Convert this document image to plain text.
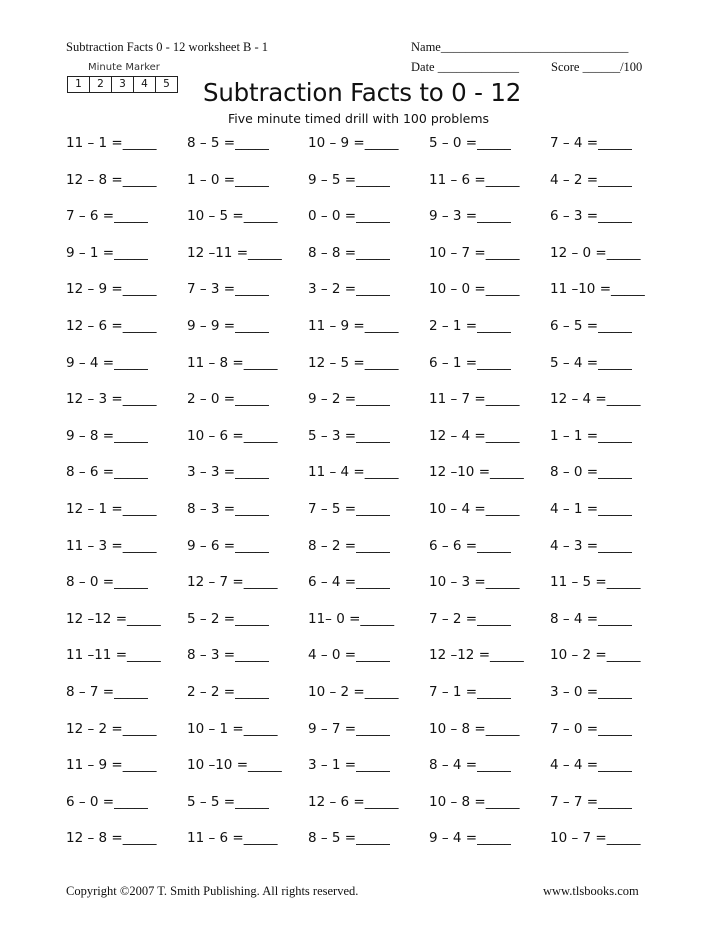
Subtraction Facts 0 - 12 worksheet B - 1	Name______________________________
Date _____________	Score ______/100
Minute Marker
1	2	3	4	5 Subtraction Facts to 0 - 12
Five minute timed drill with 100 problems
11 – 1 =_____ 8 – 5 =_____	10 – 9 =_____ 5 – 0 =_____	7 – 4 =_____
12 – 8 =_____ 1 – 0 =_____	9 – 5 =_____	11 – 6 =_____ 4 – 2 =_____
7 – 6 =_____	10 – 5 =_____ 0 – 0 =_____	9 – 3 =_____	6 – 3 =_____
9 – 1 =_____	12 –11 =_____ 8 – 8 =_____	10 – 7 =_____ 12 – 0 =_____
12 – 9 =_____ 7 – 3 =_____	3 – 2 =_____	10 – 0 =_____ 11 –10 =_____
12 – 6 =_____ 9 – 9 =_____	11 – 9 =_____ 2 – 1 =_____	6 – 5 =_____
9 – 4 =_____	11 – 8 =_____ 12 – 5 =_____ 6 – 1 =_____	5 – 4 =_____
12 – 3 =_____ 2 – 0 =_____	9 – 2 =_____	11 – 7 =_____ 12 – 4 =_____
9 – 8 =_____	10 – 6 =_____ 5 – 3 =_____	12 – 4 =_____ 1 – 1 =_____
8 – 6 =_____	3 – 3 =_____	11 – 4 =_____ 12 –10 =_____ 8 – 0 =_____
12 – 1 =_____ 8 – 3 =_____	7 – 5 =_____	10 – 4 =_____ 4 – 1 =_____
11 – 3 =_____ 9 – 6 =_____	8 – 2 =_____	6 – 6 =_____	4 – 3 =_____
8 – 0 =_____	12 – 7 =_____ 6 – 4 =_____	10 – 3 =_____ 11 – 5 =_____
12 –12 =_____ 5 – 2 =_____	11– 0 =_____	7 – 2 =_____	8 – 4 =_____
11 –11 =_____ 8 – 3 =_____	4 – 0 =_____	12 –12 =_____ 10 – 2 =_____
8 – 7 =_____	2 – 2 =_____	10 – 2 =_____ 7 – 1 =_____	3 – 0 =_____
12 – 2 =_____ 10 – 1 =_____ 9 – 7 =_____	10 – 8 =_____ 7 – 0 =_____
11 – 9 =_____ 10 –10 =_____ 3 – 1 =_____	8 – 4 =_____	4 – 4 =_____
6 – 0 =_____	5 – 5 =_____	12 – 6 =_____ 10 – 8 =_____ 7 – 7 =_____
12 – 8 =_____ 11 – 6 =_____ 8 – 5 =_____	9 – 4 =_____	10 – 7 =_____
Copyright ©2007 T. Smith Publishing. All rights reserved.	www.tlsbooks.com
